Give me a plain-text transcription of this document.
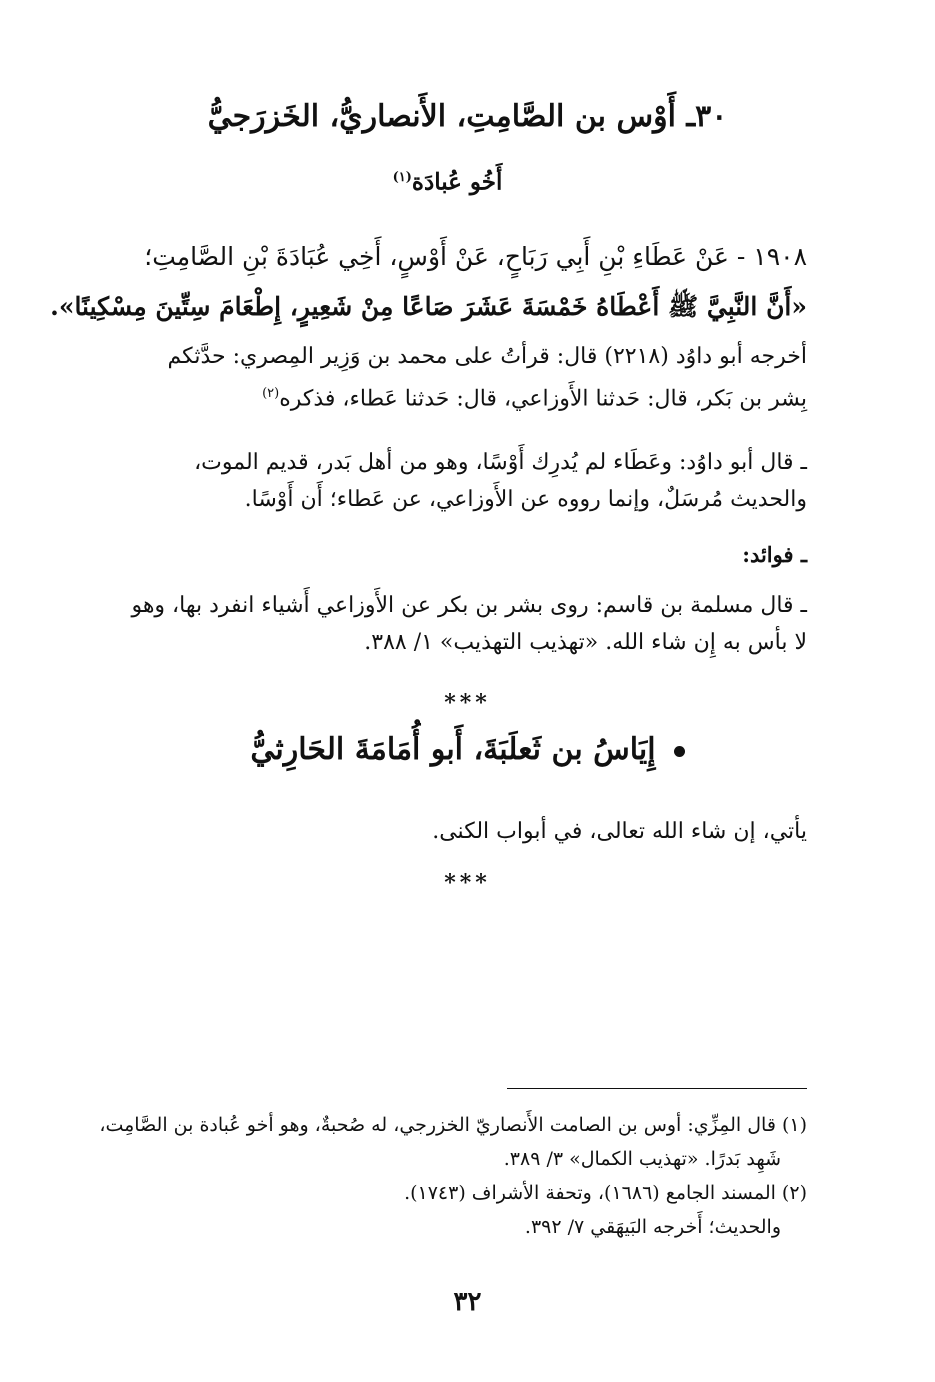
٣٠ـ أَوْس بن الصَّامِتِ، الأَنصاريُّ، الخَزرَجيُّ
أَخُو عُبادَة$^{(١)}$
١٩٠٨ - عَنْ عَطَاءِ بْنِ أَبِي رَبَاحٍ، عَنْ أَوْسٍ، أَخِي عُبَادَةَ بْنِ الصَّامِتِ؛
«أَنَّ النَّبِيَّ ﷺ أَعْطَاهُ خَمْسَةَ عَشَرَ صَاعًا مِنْ شَعِيرٍ، إِطْعَامَ سِتِّينَ مِسْكِينًا».
أخرجه أبو داوُد (٢٢١٨) قال: قرأتُ على محمد بن وَزِير المِصري: حدَّثكم
بِشر بن بَكر، قال: حَدثنا الأَوزاعي، قال: حَدثنا عَطاء، فذكره$^{(٢)}$
ـ قال أبو داوُد: وعَطَاء لم يُدرِك أَوْسًا، وهو من أهل بَدر، قديم الموت،
والحديث مُرسَلٌ، وإنما رووه عن الأَوزاعي، عن عَطاء؛ أَن أَوْسًا.
ـ فوائد:
ـ قال مسلمة بن قاسم: روى بشر بن بكر عن الأَوزاعي أَشياء انفرد بها، وهو
لا بأس به إِن شاء الله. «تهذيب التهذيب» ١/ ٣٨٨.
***
إِيَاسُ بن ثَعلَبَةَ، أَبو أُمَامَةَ الحَارِثيُّ
يأتي، إن شاء الله تعالى، في أبواب الكنى.
***
(١) قال المِزِّي: أوس بن الصامت الأَنصاريّ الخزرجي، له صُحبةٌ، وهو أخو عُبادة بن الصَّامِت،
شَهِد بَدرًا. «تهذيب الكمال» ٣/ ٣٨٩.
(٢) المسند الجامع (١٦٨٦)، وتحفة الأشراف (١٧٤٣).
والحديث؛ أَخرجه البَيهَقي ٧/ ٣٩٢.
٣٢
